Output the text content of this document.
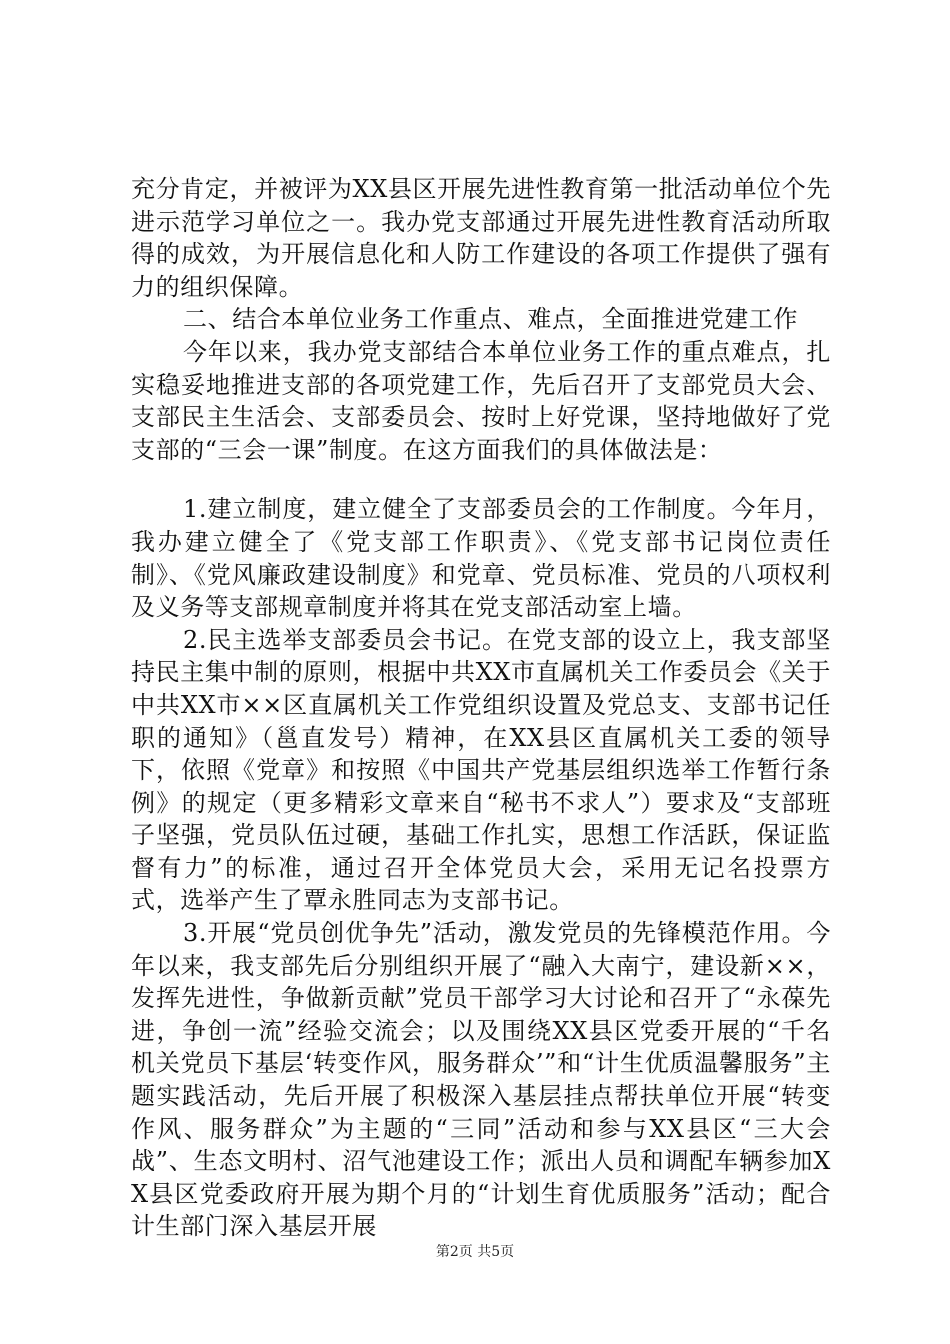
充分肯定，并被评为XX县区开展先进性教育第一批活动单位个先进示范学习单位之一。我办党支部通过开展先进性教育活动所取得的成效，为开展信息化和人防工作建设的各项工作提供了强有力的组织保障。

二、结合本单位业务工作重点、难点，全面推进党建工作

今年以来，我办党支部结合本单位业务工作的重点难点，扎实稳妥地推进支部的各项党建工作，先后召开了支部党员大会、支部民主生活会、支部委员会、按时上好党课，坚持地做好了党支部的“三会一课”制度。在这方面我们的具体做法是：

1.建立制度，建立健全了支部委员会的工作制度。今年月，我办建立健全了《党支部工作职责》、《党支部书记岗位责任制》、《党风廉政建设制度》和党章、党员标准、党员的八项权利及义务等支部规章制度并将其在党支部活动室上墙。

2.民主选举支部委员会书记。在党支部的设立上，我支部坚持民主集中制的原则，根据中共XX市直属机关工作委员会《关于中共XX市××区直属机关工作党组织设置及党总支、支部书记任职的通知》（邕直发号）精神，在XX县区直属机关工委的领导下，依照《党章》和按照《中国共产党基层组织选举工作暂行条例》的规定（更多精彩文章来自“秘书不求人”）要求及“支部班子坚强，党员队伍过硬，基础工作扎实，思想工作活跃，保证监督有力”的标准，通过召开全体党员大会，采用无记名投票方式，选举产生了覃永胜同志为支部书记。

3.开展“党员创优争先”活动，激发党员的先锋模范作用。今年以来，我支部先后分别组织开展了“融入大南宁，建设新××，发挥先进性，争做新贡献”党员干部学习大讨论和召开了“永葆先进，争创一流”经验交流会；以及围绕XX县区党委开展的“千名机关党员下基层‘转变作风，服务群众’”和“计生优质温馨服务”主题实践活动，先后开展了积极深入基层挂点帮扶单位开展“转变作风、服务群众”为主题的“三同”活动和参与XX县区“三大会战”、生态文明村、沼气池建设工作；派出人员和调配车辆参加XX县区党委政府开展为期个月的“计划生育优质服务”活动；配合计生部门深入基层开展

第2页 共5页
